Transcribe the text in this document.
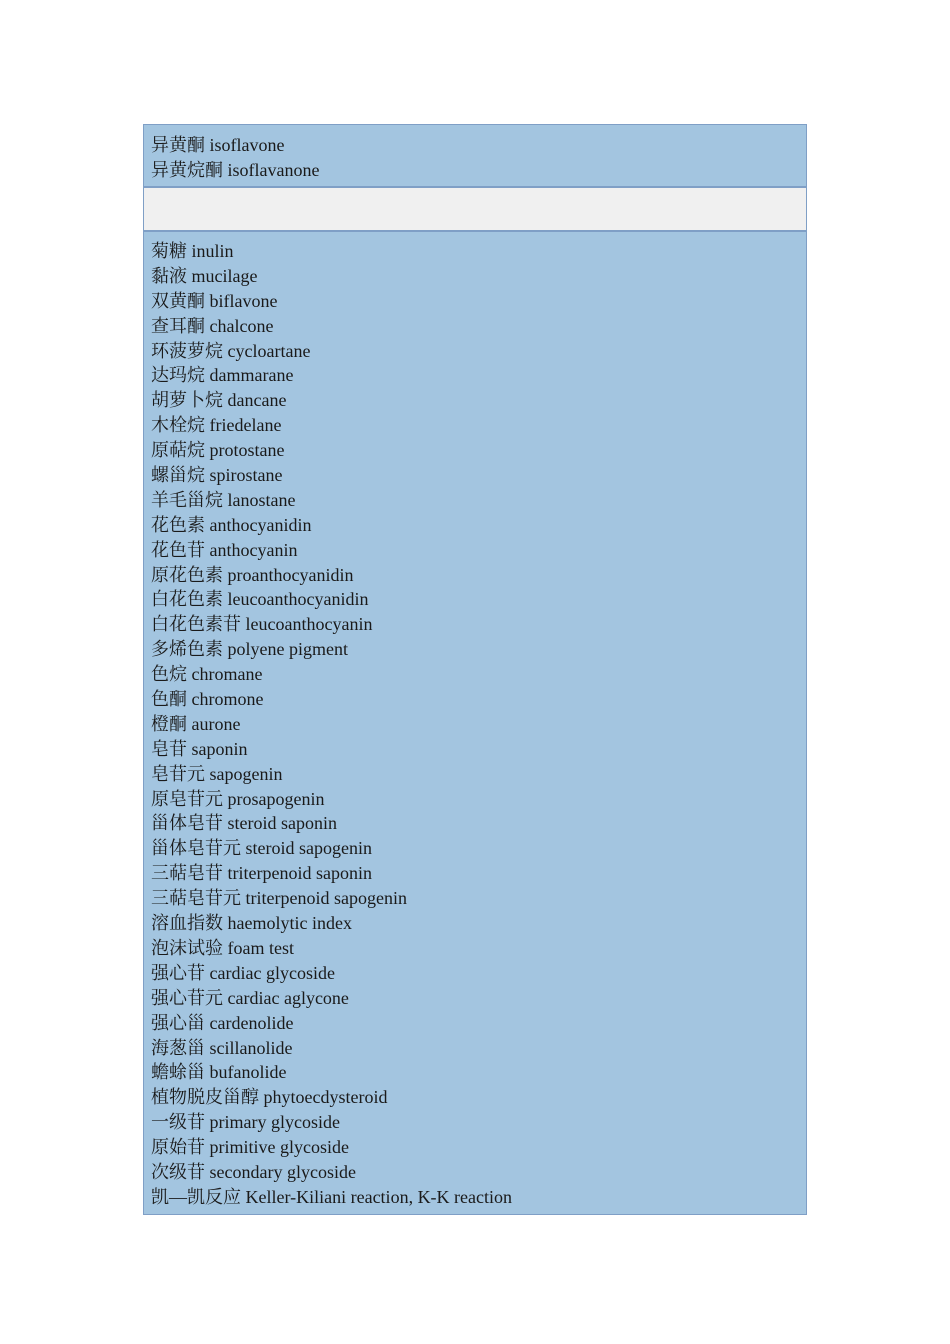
异黄酮 isoflavone
异黄烷酮 isoflavanone
菊糖 inulin
黏液 mucilage
双黄酮 biflavone
查耳酮 chalcone
环菠萝烷 cycloartane
达玛烷 dammarane
胡萝卜烷 dancane
木栓烷 friedelane
原萜烷 protostane
螺甾烷 spirostane
羊毛甾烷 lanostane
花色素 anthocyanidin
花色苷 anthocyanin
原花色素 proanthocyanidin
白花色素 leucoanthocyanidin
白花色素苷 leucoanthocyanin
多烯色素 polyene pigment
色烷 chromane
色酮 chromone
橙酮 aurone
皂苷 saponin
皂苷元 sapogenin
原皂苷元 prosapogenin
甾体皂苷 steroid saponin
甾体皂苷元 steroid sapogenin
三萜皂苷 triterpenoid saponin
三萜皂苷元 triterpenoid sapogenin
溶血指数 haemolytic index
泡沫试验 foam test
强心苷 cardiac glycoside
强心苷元 cardiac aglycone
强心甾 cardenolide
海葱甾 scillanolide
蟾蜍甾 bufanolide
植物脱皮甾醇 phytoecdysteroid
一级苷 primary glycoside
原始苷 primitive glycoside
次级苷 secondary glycoside
凯—凯反应 Keller-Kiliani reaction, K-K reaction
